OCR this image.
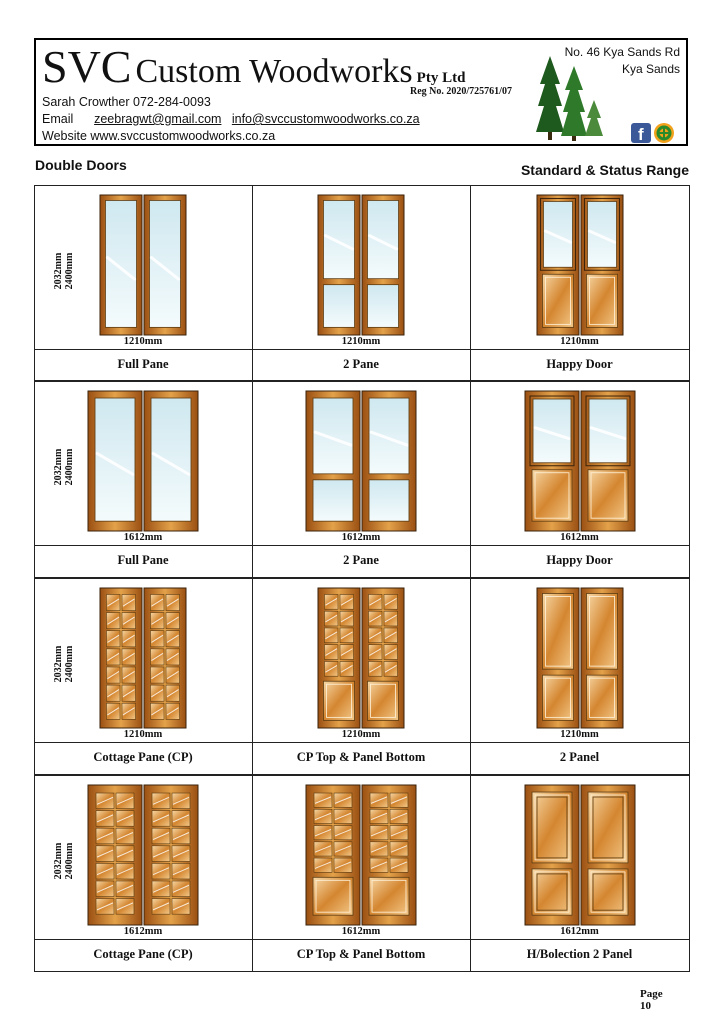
SVC Custom Woodworks Pty Ltd
Reg No. 2020/725761/07
Sarah Crowther 072-284-0093
Email zeebragwt@gmail.com info@svccustomwoodworks.co.za
Website www.svccustomwoodworks.co.za
No. 46 Kya Sands Rd
Kya Sands
f
Double Doors	Standard & Status Range
1210mm
Full Pane
1210mm
2 Pane
1210mm
Happy Door
2032mm 2400mm
1612mm
Full Pane
1612mm
2 Pane
1612mm
Happy Door
2032mm 2400mm
1210mm
Cottage Pane (CP)
1210mm
CP Top & Panel Bottom
1210mm
2 Panel
2032mm 2400mm
1612mm
Cottage Pane (CP)
1612mm
CP Top & Panel Bottom
1612mm
H/Bolection 2 Panel
2032mm 2400mm
Page
10
